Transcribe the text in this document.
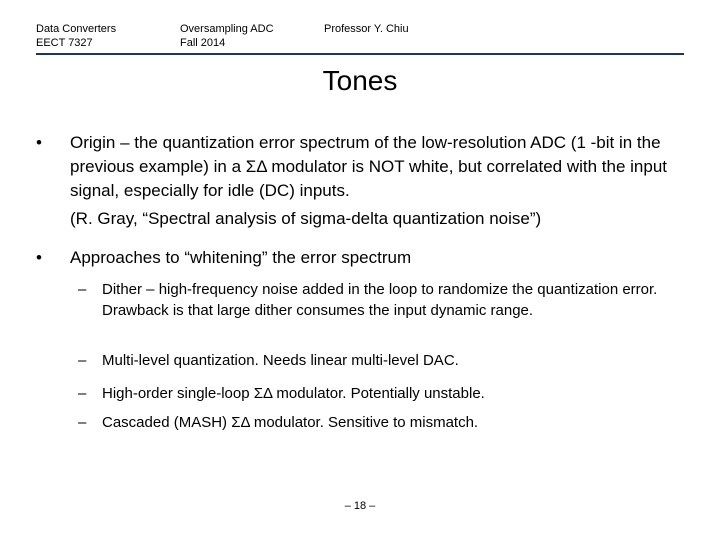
Data Converters
EECT 7327
Oversampling ADC
Fall 2014
Professor Y. Chiu
Tones
• Origin – the quantization error spectrum of the low-resolution ADC (1 -bit in the previous example) in a ΣΔ modulator is NOT white, but correlated with the input signal, especially for idle (DC) inputs.
(R. Gray, “Spectral analysis of sigma-delta quantization noise”)
• Approaches to “whitening” the error spectrum
– Dither – high-frequency noise added in the loop to randomize the quantization error. Drawback is that large dither consumes the input dynamic range.
– Multi-level quantization. Needs linear multi-level DAC.
– High-order single-loop ΣΔ modulator. Potentially unstable.
– Cascaded (MASH) ΣΔ modulator. Sensitive to mismatch.
– 18 –
